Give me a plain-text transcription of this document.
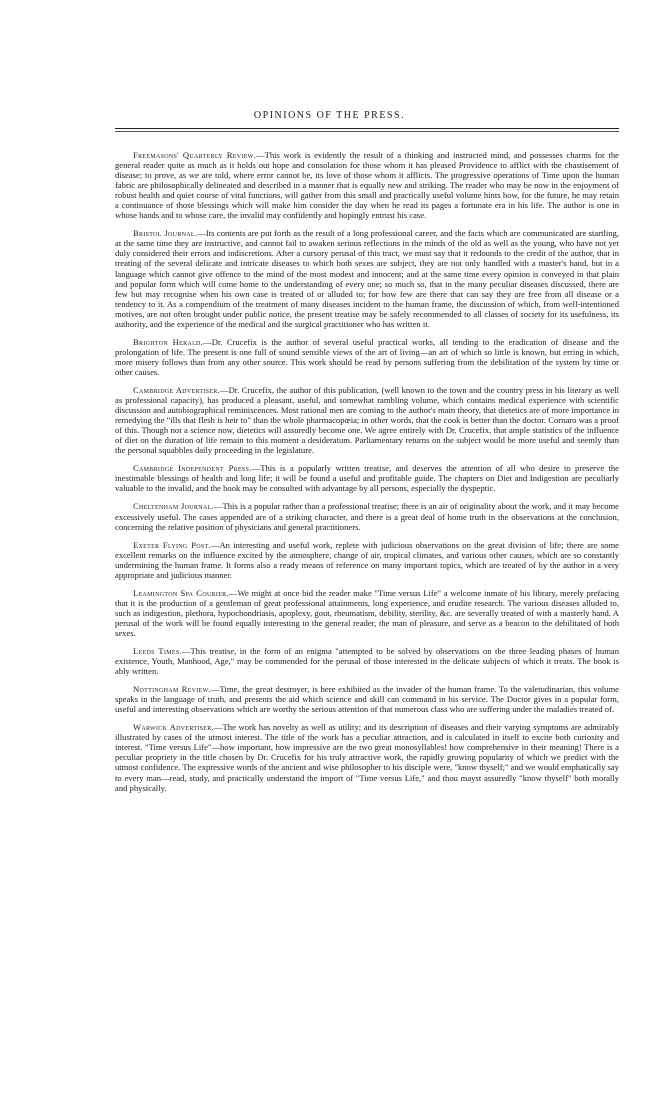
OPINIONS OF THE PRESS.

Freemasons' Quarterly Review.—This work is evidently the result of a thinking and instructed mind, and possesses charms for the general reader quite as much as it holds out hope and consolation for those whom it has pleased Providence to afflict with the chastisement of disease; to prove, as we are told, where error cannot be, its love of those whom it afflicts. The progressive operations of Time upon the human fabric are philosophically delineated and described in a manner that is equally new and striking. The reader who may be now in the enjoyment of robust health and quiet course of vital functions, will gather from this small and practically useful volume hints how, for the future, he may retain a continuance of those blessings which will make him consider the day when he read its pages a fortunate era in his life. The author is one in whose hands and to whose care, the invalid may confidently and hopingly entrust his case.

Bristol Journal.—Its contents are put forth as the result of a long professional career, and the facts which are communicated are startling, at the same time they are instructive, and cannot fail to awaken serious reflections in the minds of the old as well as the young, who have not yet duly considered their errors and indiscretions. After a cursory perusal of this tract, we must say that it redounds to the credit of the author, that in treating of the several delicate and intricate diseases to which both sexes are subject, they are not only handled with a master's hand, but in a language which cannot give offence to the mind of the most modest and innocent; and at the same time every opinion is conveyed in that plain and popular form which will come home to the understanding of every one; so much so, that in the many peculiar diseases discussed, there are few but may recognise when his own case is treated of or alluded to; for how few are there that can say they are free from all disease or a tendency to it. As a compendium of the treatment of many diseases incident to the human frame, the discussion of which, from well-intentioned motives, are not often brought under public notice, the present treatise may be safely recommended to all classes of society for its usefulness, its authority, and the experience of the medical and the surgical practitioner who has written it.

Brighton Herald.—Dr. Crucefix is the author of several useful practical works, all tending to the eradication of disease and the prolongation of life. The present is one full of sound sensible views of the art of living—an art of which so little is known, but erring in which, more misery follows than from any other source. This work should be read by persons suffering from the debilitation of the system by time or other causes.

Cambridge Advertiser.—Dr. Crucefix, the author of this publication, (well known to the town and the country press in his literary as well as professional capacity), has produced a pleasant, useful, and somewhat rambling volume, which contains medical experience with scientific discussion and autobiographical reminiscences. Most rational men are coming to the author's main theory, that dietetics are of more importance in remedying the "ills that flesh is heir to" than the whole pharmacopœia; in other words, that the cook is better than the doctor. Cornaro was a proof of this. Though not a science now, dietetics will assuredly become one. We agree entirely with Dr. Crucefix, that ample statistics of the influence of diet on the duration of life remain to this moment a desideratum. Parliamentary returns on the subject would be more useful and seemly than the personal squabbles daily proceeding in the legislature.

Cambridge Independent Press.—This is a popularly written treatise, and deserves the attention of all who desire to preserve the inestimable blessings of health and long life; it will be found a useful and profitable guide. The chapters on Diet and Indigestion are peculiarly valuable to the invalid, and the book may be consulted with advantage by all persons, especially the dyspeptic.

Cheltenham Journal.—This is a popular rather than a professional treatise; there is an air of originality about the work, and it may become excessively useful. The cases appended are of a striking character, and there is a great deal of home truth in the observations at the conclusion, concerning the relative position of physicians and general practitioners.

Exeter Flying Post.—An interesting and useful work, replete with judicious observations on the great division of life; there are some excellent remarks on the influence excited by the atmosphere, change of air, tropical climates, and various other causes, which are so constantly undermining the human frame. It forms also a ready means of reference on many important topics, which are treated of by the author in a very appropriate and judicious manner.

Leamington Spa Courier.—We might at once bid the reader make "Time versus Life" a welcome inmate of his library, merely prefacing that it is the production of a gentleman of great professional attainments, long experience, and erudite research. The various diseases alluded to, such as indigestion, plethora, hypochondriasis, apoplexy, gout, rheumatism, debility, sterility, &c. are severally treated of with a masterly hand. A perusal of the work will be found equally interesting to the general reader, the man of pleasure, and serve as a beacon to the debilitated of both sexes.

Leeds Times.—This treatise, in the form of an enigma "attempted to be solved by observations on the three leading phases of human existence, Youth, Manhood, Age," may be commended for the perusal of those interested in the delicate subjects of which it treats. The book is ably written.

Nottingham Review.—Time, the great destroyer, is here exhibited as the invader of the human frame. To the valetudinarian, this volume speaks in the language of truth, and presents the aid which science and skill can command in his service. The Doctor gives in a popular form, useful and interesting observations which are worthy the serious attention of that numerous class who are suffering under the maladies treated of.

Warwick Advertiser.—The work has novelty as well as utility; and its description of diseases and their varying symptoms are admirably illustrated by cases of the utmost interest. The title of the work has a peculiar attraction, and is calculated in itself to excite both curiosity and interest. "Time versus Life"—how important, how impressive are the two great monosyllables! how comprehensive in their meaning! There is a peculiar propriety in the title chosen by Dr. Crucefix for his truly attractive work, the rapidly growing popularity of which we predict with the utmost confidence. The expressive words of the ancient and wise philosopher to his disciple were, "know thyself;" and we would emphatically say to every man—read, study, and practically understand the import of "Time versus Life," and thou mayst assuredly "know thyself" both morally and physically.
